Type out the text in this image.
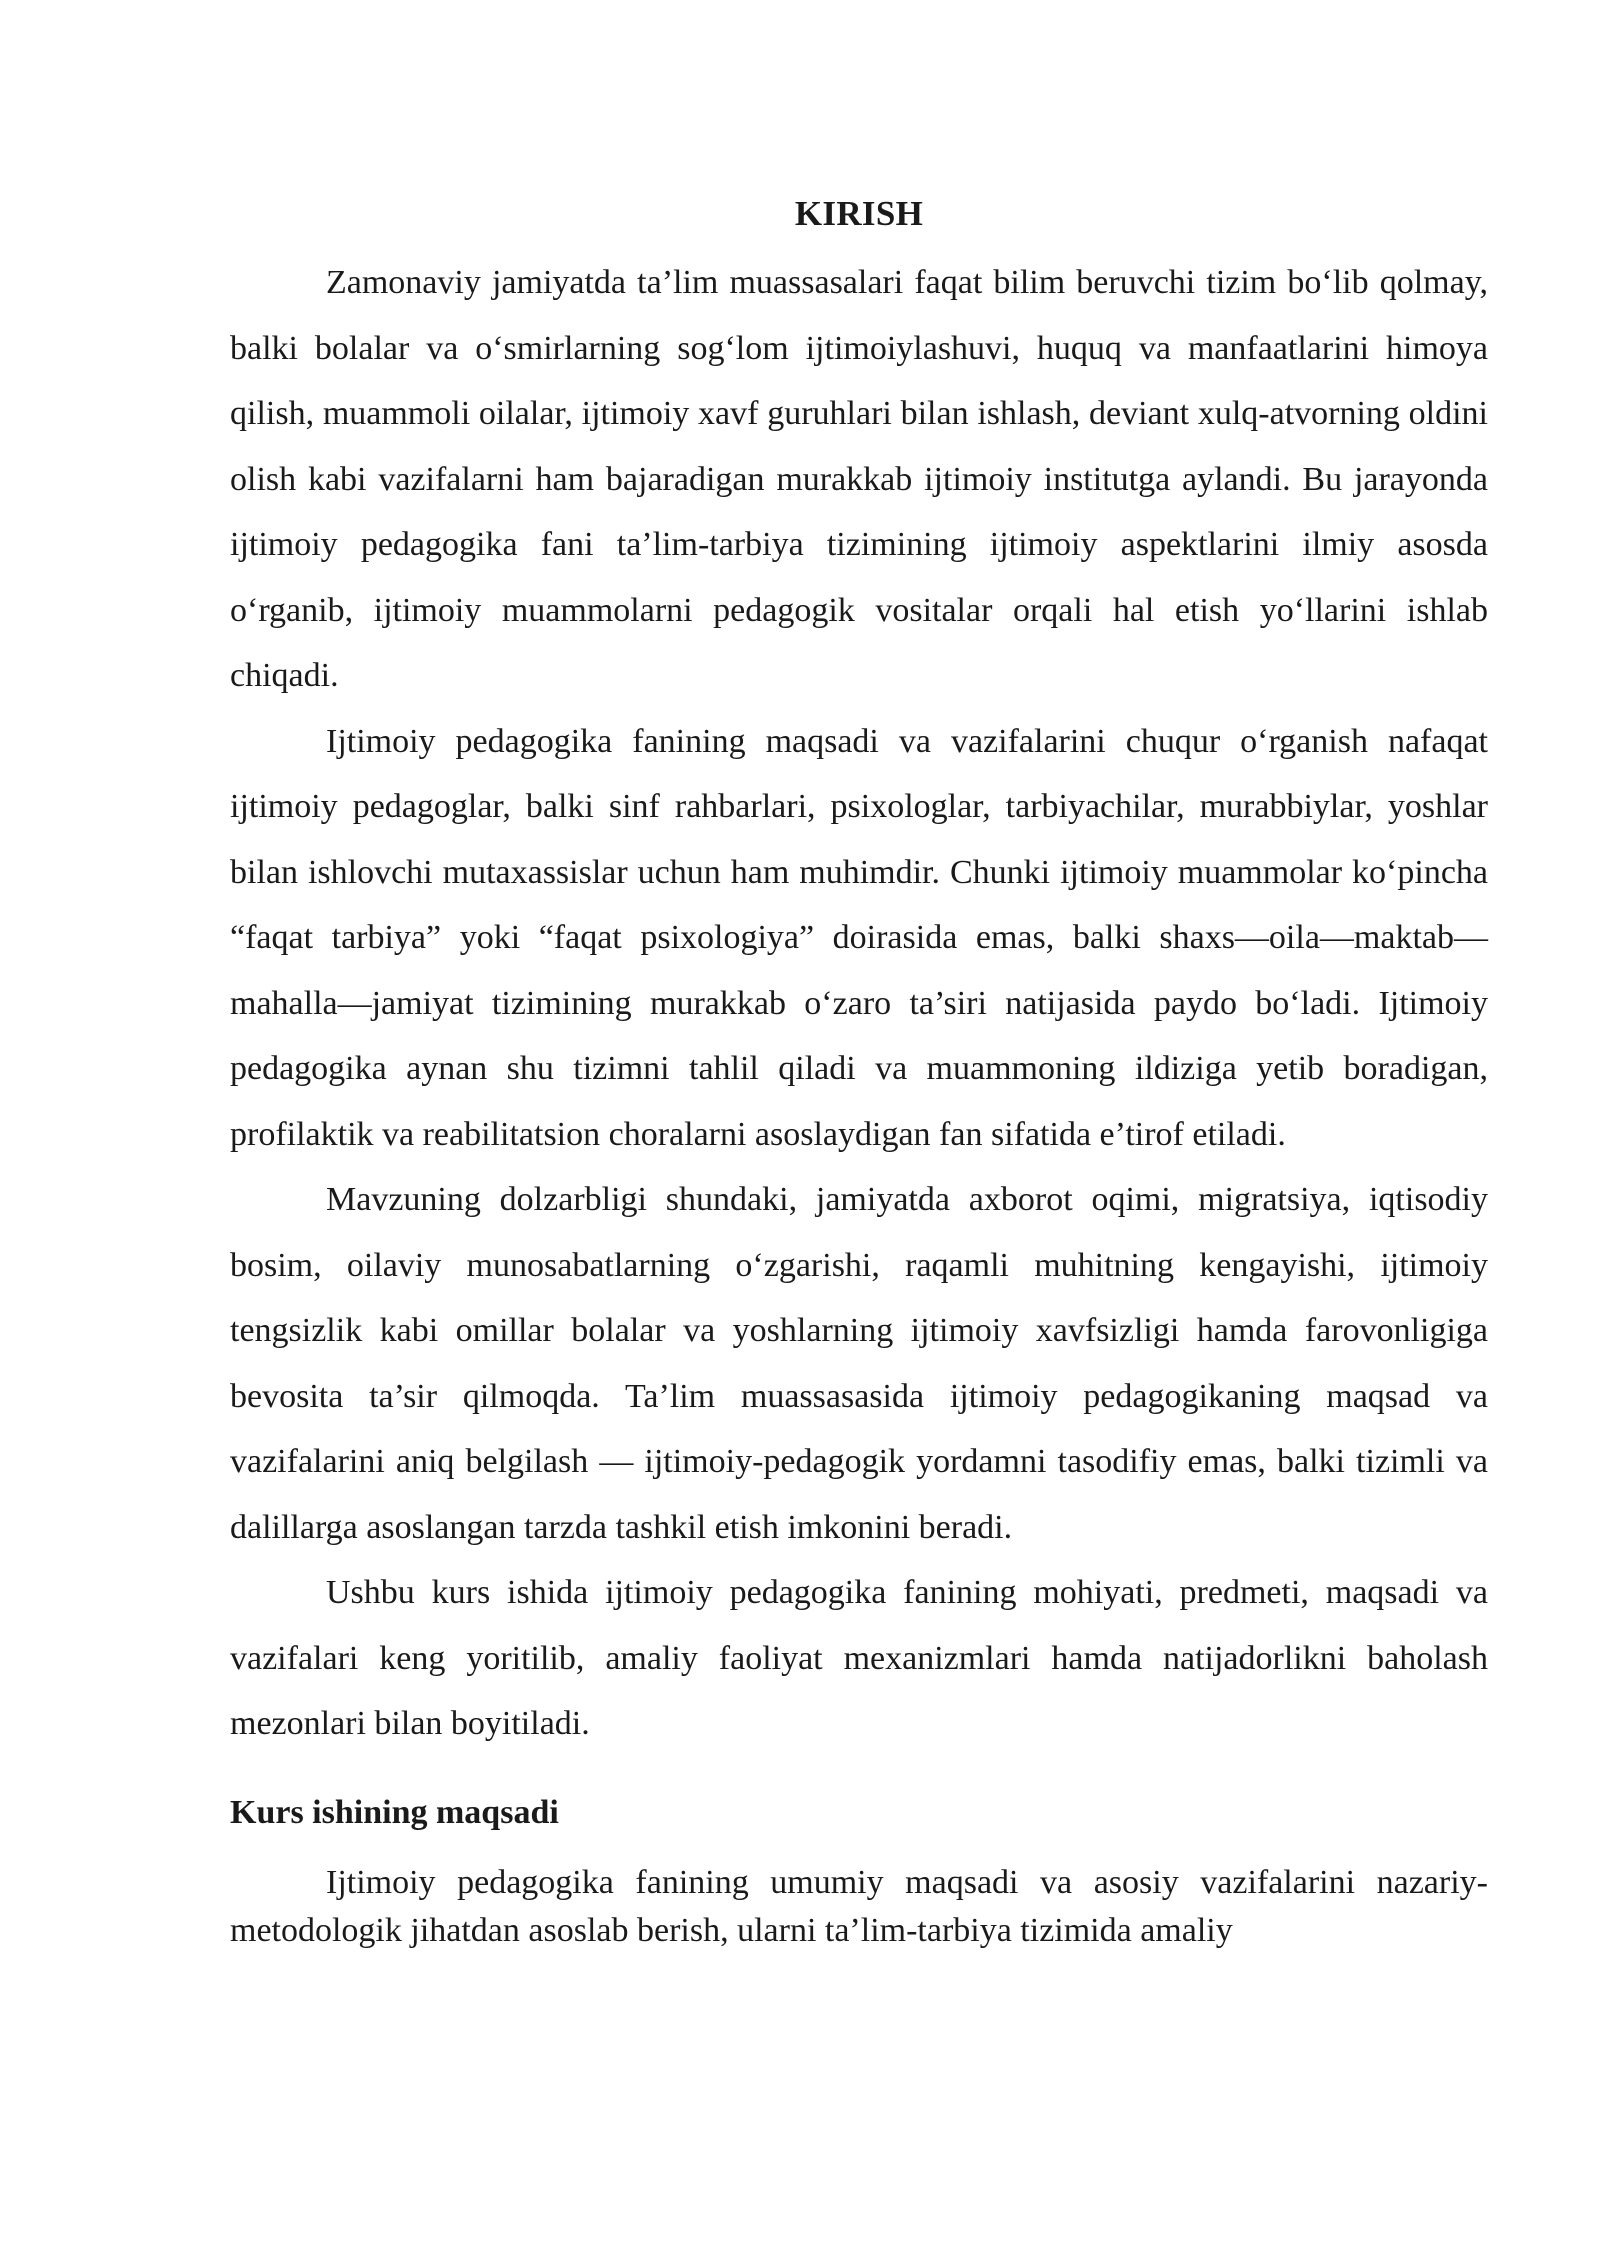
KIRISH

Zamonaviy jamiyatda ta’lim muassasalari faqat bilim beruvchi tizim bo‘lib qolmay, balki bolalar va o‘smirlarning sog‘lom ijtimoiylashuvi, huquq va manfaatlarini himoya qilish, muammoli oilalar, ijtimoiy xavf guruhlari bilan ishlash, deviant xulq-atvorning oldini olish kabi vazifalarni ham bajaradigan murakkab ijtimoiy institutga aylandi. Bu jarayonda ijtimoiy pedagogika fani ta’lim-tarbiya tizimining ijtimoiy aspektlarini ilmiy asosda o‘rganib, ijtimoiy muammolarni pedagogik vositalar orqali hal etish yo‘llarini ishlab chiqadi.

Ijtimoiy pedagogika fanining maqsadi va vazifalarini chuqur o‘rganish nafaqat ijtimoiy pedagoglar, balki sinf rahbarlari, psixologlar, tarbiyachilar, murabbiylar, yoshlar bilan ishlovchi mutaxassislar uchun ham muhimdir. Chunki ijtimoiy muammolar ko‘pincha “faqat tarbiya” yoki “faqat psixologiya” doirasida emas, balki shaxs—oila—maktab—mahalla—jamiyat tizimining murakkab o‘zaro ta’siri natijasida paydo bo‘ladi. Ijtimoiy pedagogika aynan shu tizimni tahlil qiladi va muammoning ildiziga yetib boradigan, profilaktik va reabilitatsion choralarni asoslaydigan fan sifatida e’tirof etiladi.

Mavzuning dolzarbligi shundaki, jamiyatda axborot oqimi, migratsiya, iqtisodiy bosim, oilaviy munosabatlarning o‘zgarishi, raqamli muhitning kengayishi, ijtimoiy tengsizlik kabi omillar bolalar va yoshlarning ijtimoiy xavfsizligi hamda farovonligiga bevosita ta’sir qilmoqda. Ta’lim muassasasida ijtimoiy pedagogikaning maqsad va vazifalarini aniq belgilash — ijtimoiy-pedagogik yordamni tasodifiy emas, balki tizimli va dalillarga asoslangan tarzda tashkil etish imkonini beradi.

Ushbu kurs ishida ijtimoiy pedagogika fanining mohiyati, predmeti, maqsadi va vazifalari keng yoritilib, amaliy faoliyat mexanizmlari hamda natijadorlikni baholash mezonlari bilan boyitiladi.

Kurs ishining maqsadi

Ijtimoiy pedagogika fanining umumiy maqsadi va asosiy vazifalarini nazariy-metodologik jihatdan asoslab berish, ularni ta’lim-tarbiya tizimida amaliy
